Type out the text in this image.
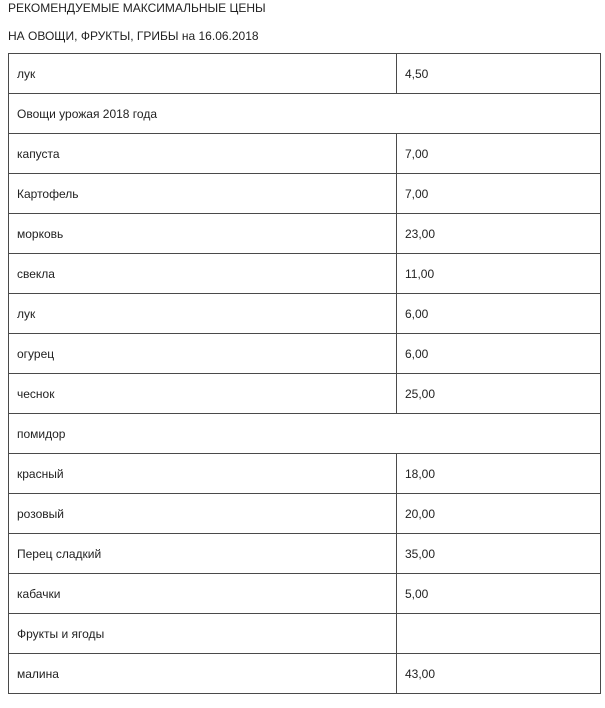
РЕКОМЕНДУЕМЫЕ МАКСИМАЛЬНЫЕ ЦЕНЫ

НА ОВОЩИ, ФРУКТЫ, ГРИБЫ на 16.06.2018

лук	4,50
Овощи урожая 2018 года	
капуста	7,00
Картофель	7,00
морковь	23,00
свекла	11,00
лук	6,00
огурец	6,00
чеснок	25,00
помидор	
красный	18,00
розовый	20,00
Перец сладкий	35,00
кабачки	5,00
Фрукты и ягоды	
малина	43,00
